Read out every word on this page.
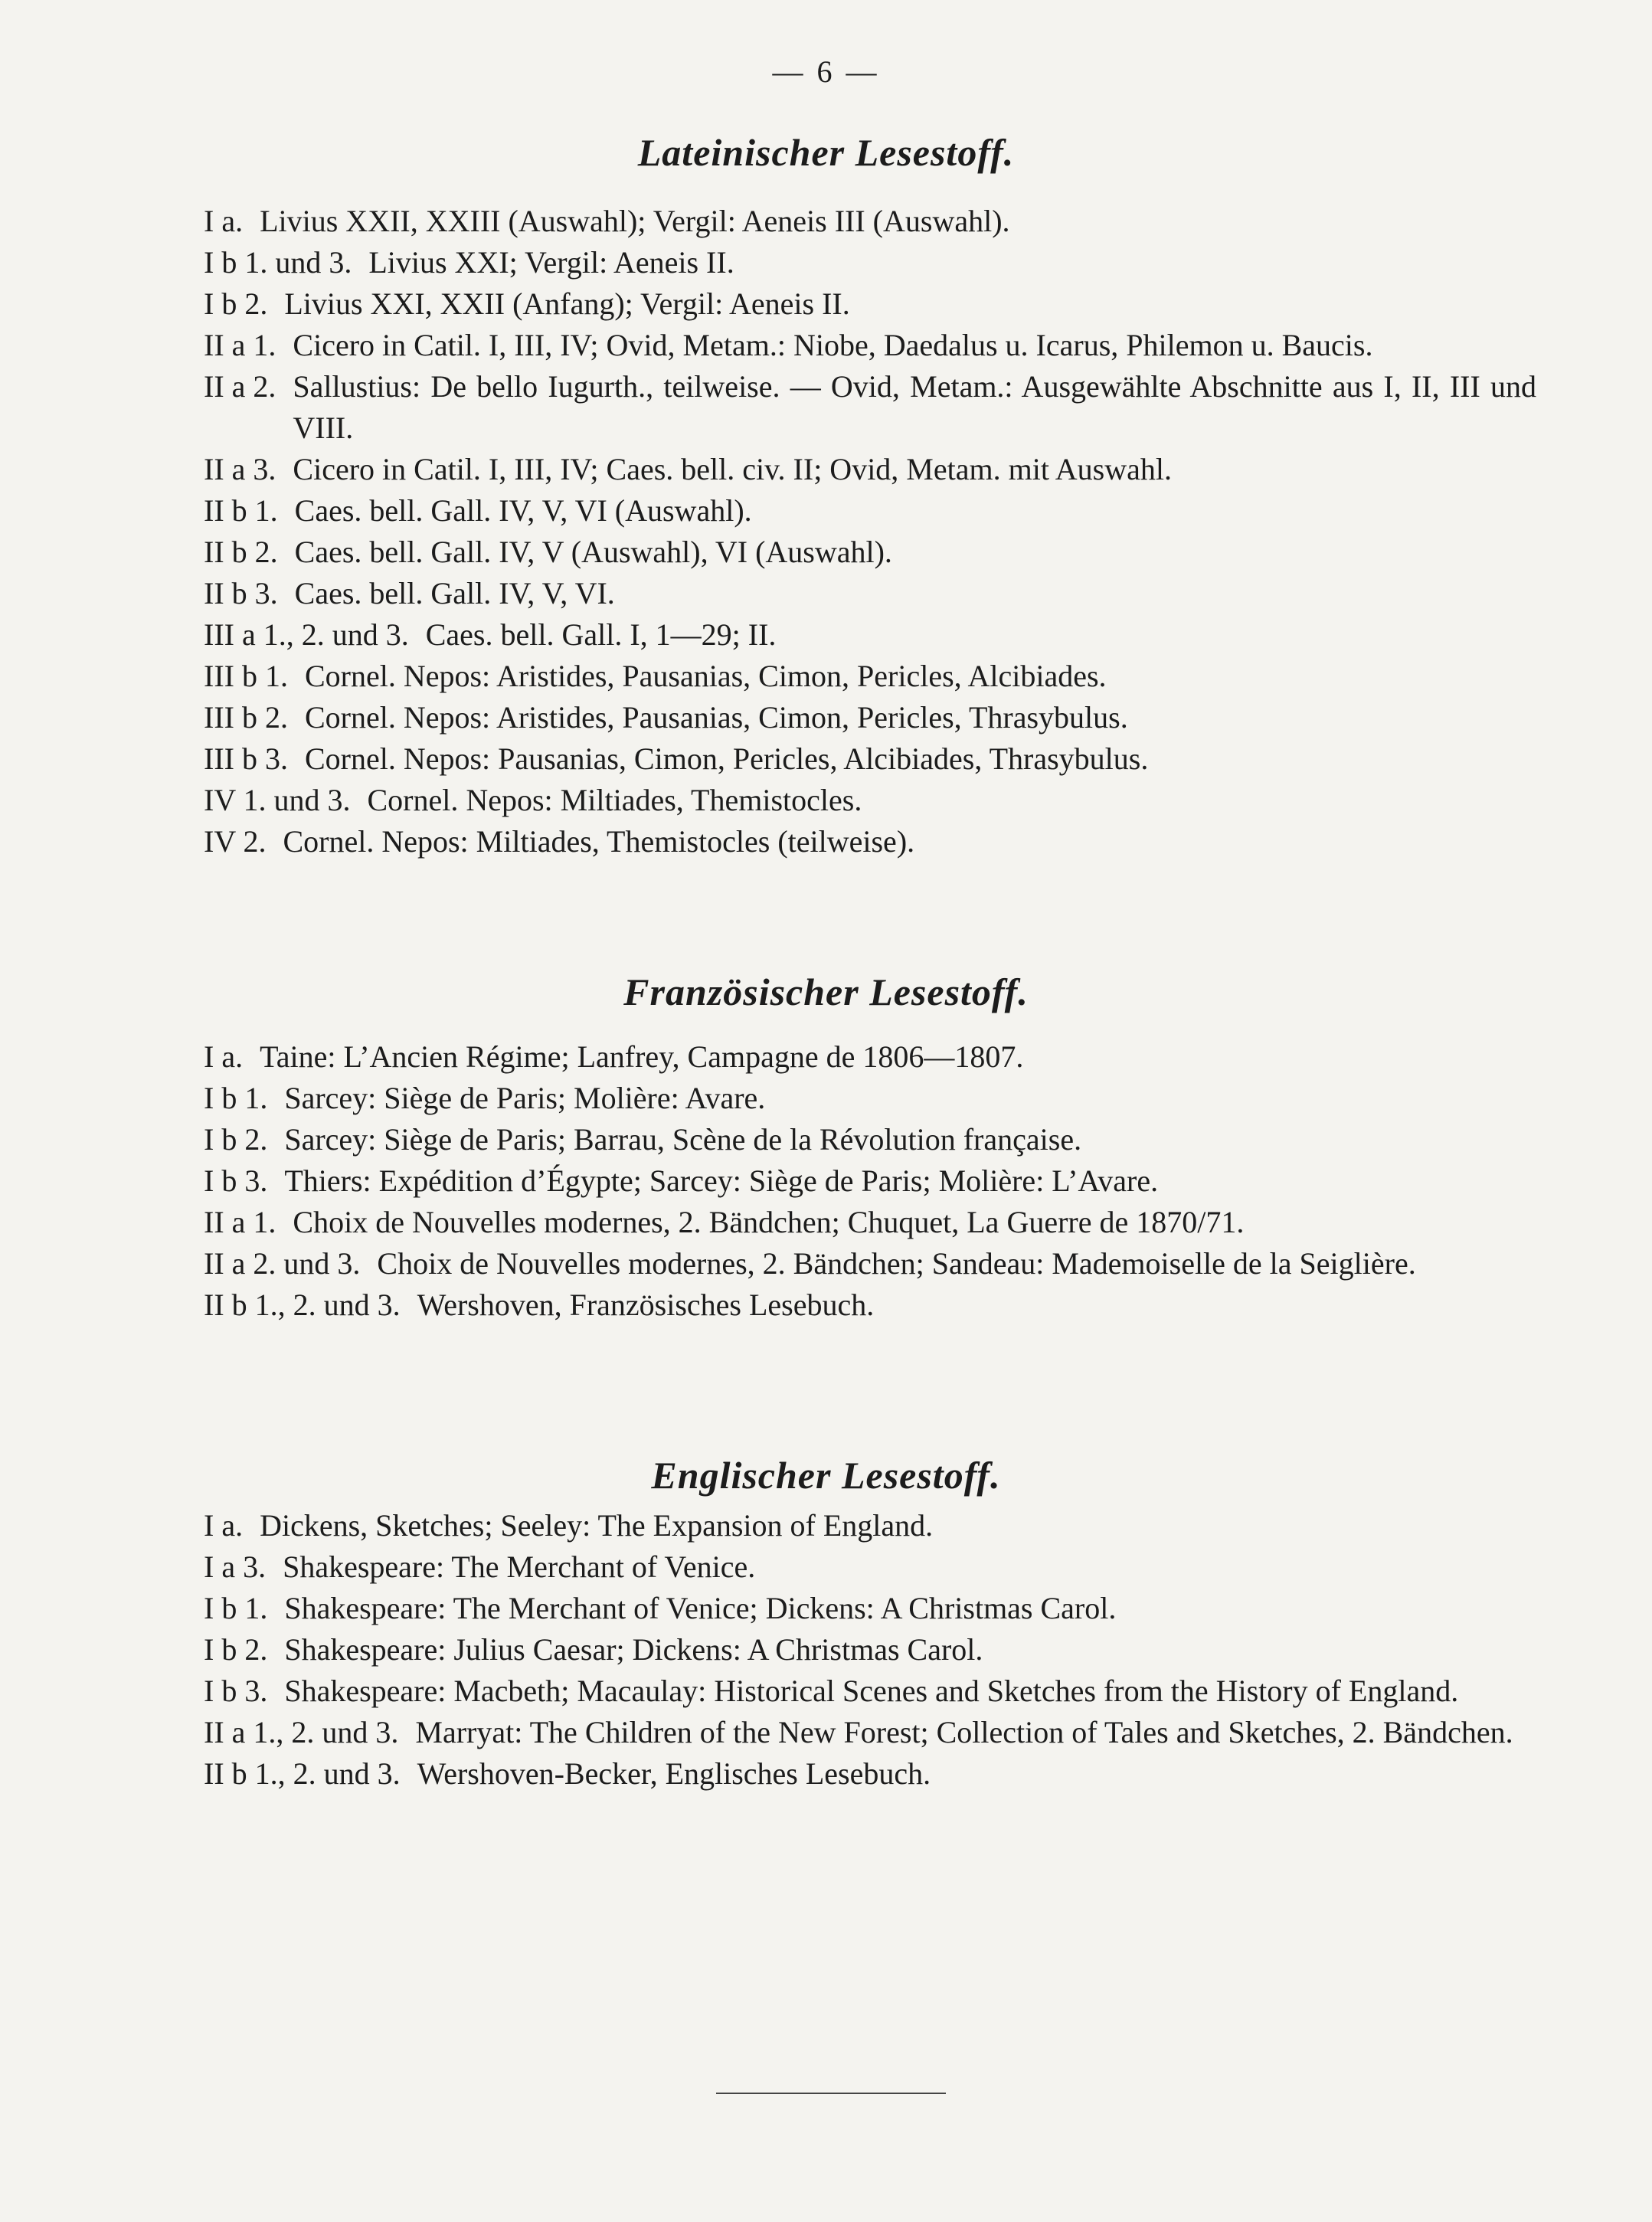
— 6 —
Lateinischer Lesestoff.
I a. Livius XXII, XXIII (Auswahl); Vergil: Aeneis III (Auswahl).
I b 1. und 3. Livius XXI; Vergil: Aeneis II.
I b 2. Livius XXI, XXII (Anfang); Vergil: Aeneis II.
II a 1. Cicero in Catil. I, III, IV; Ovid, Metam.: Niobe, Daedalus u. Icarus, Philemon u. Baucis.
II a 2. Sallustius: De bello Iugurth., teilweise. — Ovid, Metam.: Ausgewählte Abschnitte aus I, II, III und VIII.
II a 3. Cicero in Catil. I, III, IV; Caes. bell. civ. II; Ovid, Metam. mit Auswahl.
II b 1. Caes. bell. Gall. IV, V, VI (Auswahl).
II b 2. Caes. bell. Gall. IV, V (Auswahl), VI (Auswahl).
II b 3. Caes. bell. Gall. IV, V, VI.
III a 1., 2. und 3. Caes. bell. Gall. I, 1—29; II.
III b 1. Cornel. Nepos: Aristides, Pausanias, Cimon, Pericles, Alcibiades.
III b 2. Cornel. Nepos: Aristides, Pausanias, Cimon, Pericles, Thrasybulus.
III b 3. Cornel. Nepos: Pausanias, Cimon, Pericles, Alcibiades, Thrasybulus.
IV 1. und 3. Cornel. Nepos: Miltiades, Themistocles.
IV 2. Cornel. Nepos: Miltiades, Themistocles (teilweise).
Französischer Lesestoff.
I a. Taine: L’Ancien Régime; Lanfrey, Campagne de 1806—1807.
I b 1. Sarcey: Siège de Paris; Molière: Avare.
I b 2. Sarcey: Siège de Paris; Barrau, Scène de la Révolution française.
I b 3. Thiers: Expédition d’Égypte; Sarcey: Siège de Paris; Molière: L’Avare.
II a 1. Choix de Nouvelles modernes, 2. Bändchen; Chuquet, La Guerre de 1870/71.
II a 2. und 3. Choix de Nouvelles modernes, 2. Bändchen; Sandeau: Mademoiselle de la Seiglière.
II b 1., 2. und 3. Wershoven, Französisches Lesebuch.
Englischer Lesestoff.
I a. Dickens, Sketches; Seeley: The Expansion of England.
I a 3. Shakespeare: The Merchant of Venice.
I b 1. Shakespeare: The Merchant of Venice; Dickens: A Christmas Carol.
I b 2. Shakespeare: Julius Caesar; Dickens: A Christmas Carol.
I b 3. Shakespeare: Macbeth; Macaulay: Historical Scenes and Sketches from the History of England.
II a 1., 2. und 3. Marryat: The Children of the New Forest; Collection of Tales and Sketches, 2. Bändchen.
II b 1., 2. und 3. Wershoven-Becker, Englisches Lesebuch.
